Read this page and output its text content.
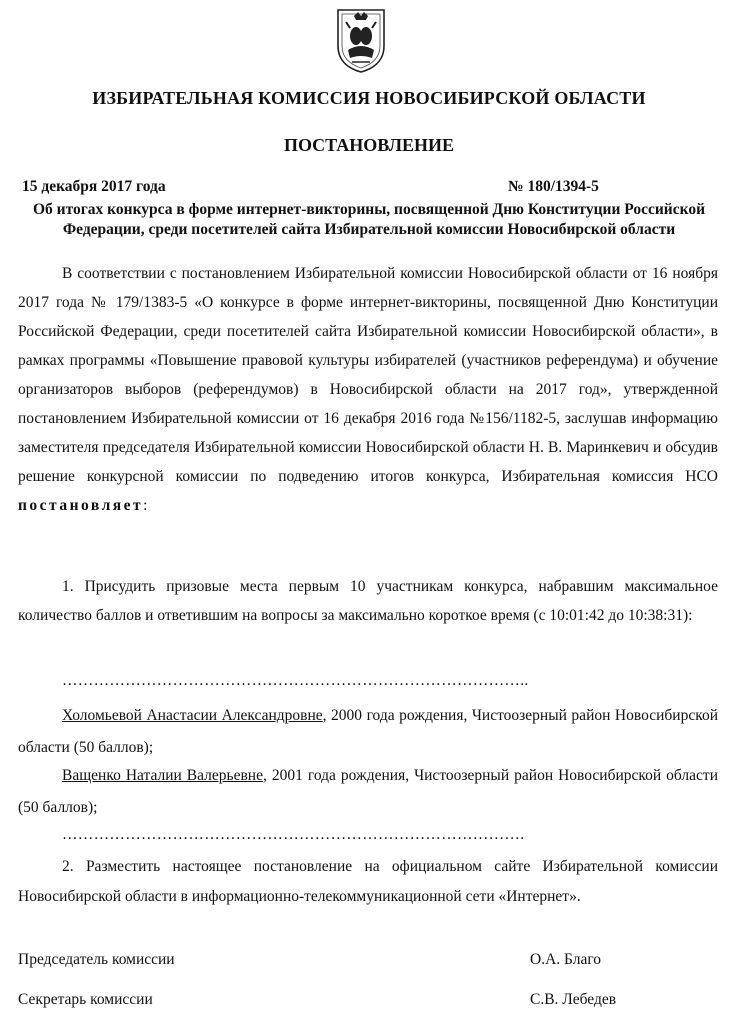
ИЗБИРАТЕЛЬНАЯ КОМИССИЯ НОВОСИБИРСКОЙ ОБЛАСТИ
ПОСТАНОВЛЕНИЕ
15 декабря 2017 года	№ 180/1394-5
Об итогах конкурса в форме интернет-викторины, посвященной Дню Конституции Российской Федерации, среди посетителей сайта Избирательной комиссии Новосибирской области
В соответствии с постановлением Избирательной комиссии Новосибирской области от 16 ноября 2017 года № 179/1383-5 «О конкурсе в форме интернет-викторины, посвященной Дню Конституции Российской Федерации, среди посетителей сайта Избирательной комиссии Новосибирской области», в рамках программы «Повышение правовой культуры избирателей (участников референдума) и обучение организаторов выборов (референдумов) в Новосибирской области на 2017 год», утвержденной постановлением Избирательной комиссии от 16 декабря 2016 года №156/1182-5, заслушав информацию заместителя председателя Избирательной комиссии Новосибирской области Н. В. Маринкевич и обсудив решение конкурсной комиссии по подведению итогов конкурса, Избирательная комиссия НСО постановляет:
1. Присудить призовые места первым 10 участникам конкурса, набравшим максимальное количество баллов и ответившим на вопросы за максимально короткое время (с 10:01:42 до 10:38:31):
……………………………………………………………………………..
Холомьевой Анастасии Александровне, 2000 года рождения, Чистоозерный район Новосибирской области (50 баллов);
Ващенко Наталии Валерьевне, 2001 года рождения, Чистоозерный район Новосибирской области (50 баллов);
…………………………………………………………………………….
2. Разместить настоящее постановление на официальном сайте Избирательной комиссии Новосибирской области в информационно-телекоммуникационной сети «Интернет».
Председатель комиссии	О.А. Благо
Секретарь комиссии	С.В. Лебедев
